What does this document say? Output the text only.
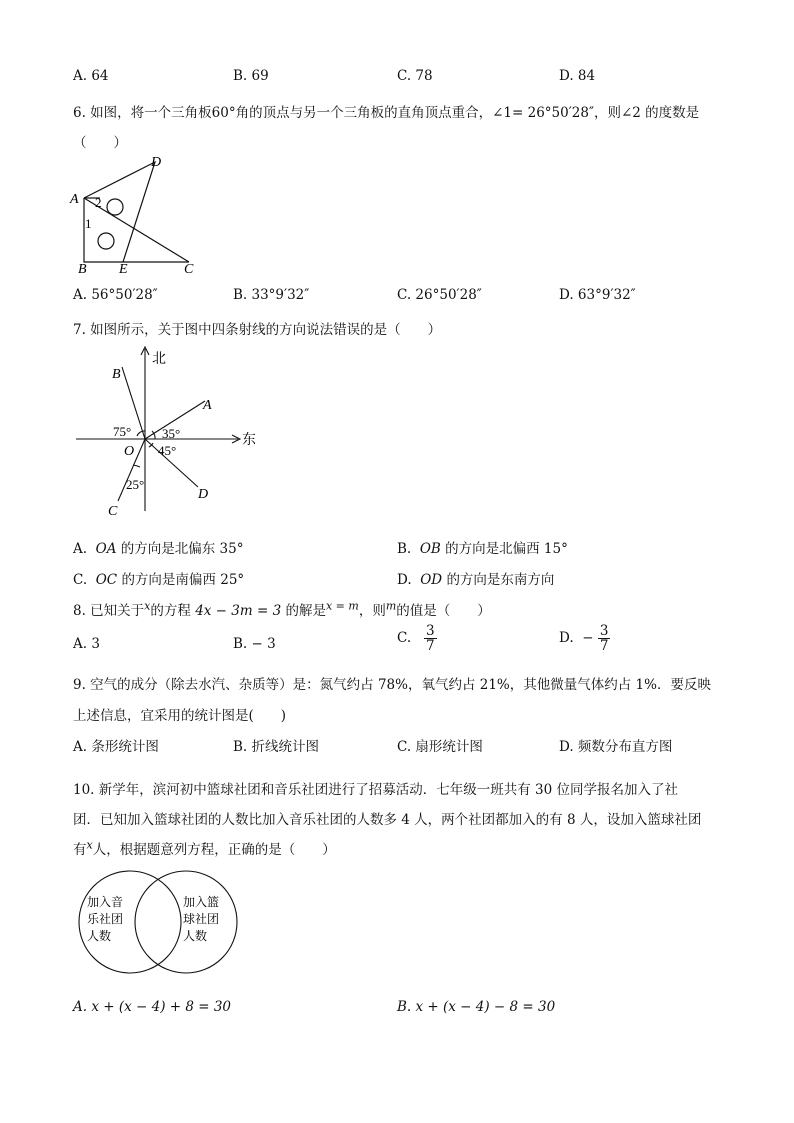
A. 64	B. 69	C. 78	D. 84
6. 如图，将一个三角板60°角的顶点与另一个三角板的直角顶点重合，∠1= 26°50′28″，则∠2 的度数是
（　　）
A
B	C
D
E
2
1
A. 56°50′28″	B. 33°9′32″	C. 26°50′28″	D. 63°9′32″
7. 如图所示，关于图中四条射线的方向说法错误的是（　　）
北
东
O
A
B
C
D
75° 35°
45°
25°
A. OA 的方向是北偏东 35°	B. OB 的方向是北偏西 15°
C. OC 的方向是南偏西 25°	D. OD 的方向是东南方向
8. 已知关于$^x$的方程 4x − 3m = 3 的解是$^{x = m}$，则$^m$的值是（　　）
A. 3	B. − 3	C. $\frac{3}{7}$	D. − $\frac{3}{7}$
9. 空气的成分（除去水汽、杂质等）是：氮气约占 78%，氧气约占 21%，其他微量气体约占 1%．要反映
上述信息，宜采用的统计图是(　　)
A. 条形统计图	B. 折线统计图	C. 扇形统计图	D. 频数分布直方图
10. 新学年，滨河初中篮球社团和音乐社团进行了招募活动．七年级一班共有 30 位同学报名加入了社
团．已知加入篮球社团的人数比加入音乐社团的人数多 4 人，两个社团都加入的有 8 人，设加入篮球社团
有$^x$人，根据题意列方程，正确的是（　　）
加入音
乐社团
人数
加入篮
球社团
人数
A. x + (x − 4) + 8 = 30	B. x + (x − 4) − 8 = 30
